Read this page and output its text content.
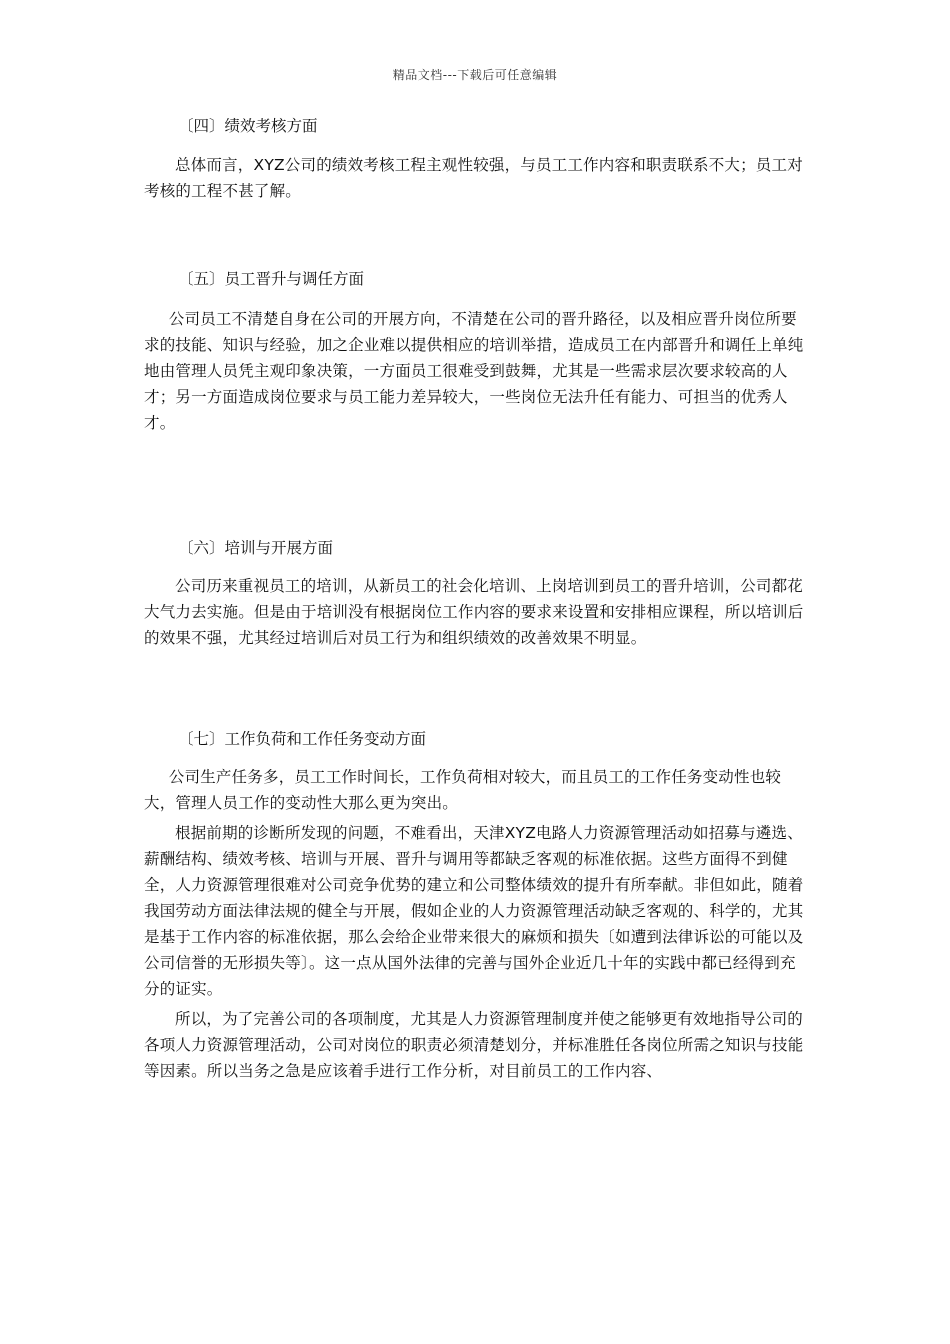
精品文档---下载后可任意编辑
〔四〕绩效考核方面

总体而言，XYZ公司的绩效考核工程主观性较强，与员工工作内容和职责联系不大；员工对考核的工程不甚了解。

〔五〕员工晋升与调任方面

公司员工不清楚自身在公司的开展方向，不清楚在公司的晋升路径，以及相应晋升岗位所要求的技能、知识与经验，加之企业难以提供相应的培训举措，造成员工在内部晋升和调任上单纯地由管理人员凭主观印象决策，一方面员工很难受到鼓舞，尤其是一些需求层次要求较高的人才；另一方面造成岗位要求与员工能力差异较大，一些岗位无法升任有能力、可担当的优秀人才。

〔六〕培训与开展方面

公司历来重视员工的培训，从新员工的社会化培训、上岗培训到员工的晋升培训，公司都花大气力去实施。但是由于培训没有根据岗位工作内容的要求来设置和安排相应课程，所以培训后的效果不强，尤其经过培训后对员工行为和组织绩效的改善效果不明显。

〔七〕工作负荷和工作任务变动方面

公司生产任务多，员工工作时间长，工作负荷相对较大，而且员工的工作任务变动性也较大，管理人员工作的变动性大那么更为突出。

根据前期的诊断所发现的问题，不难看出，天津XYZ电路人力资源管理活动如招募与遴选、薪酬结构、绩效考核、培训与开展、晋升与调用等都缺乏客观的标准依据。这些方面得不到健全，人力资源管理很难对公司竞争优势的建立和公司整体绩效的提升有所奉献。非但如此，随着我国劳动方面法律法规的健全与开展，假如企业的人力资源管理活动缺乏客观的、科学的，尤其是基于工作内容的标准依据，那么会给企业带来很大的麻烦和损失〔如遭到法律诉讼的可能以及公司信誉的无形损失等〕。这一点从国外法律的完善与国外企业近几十年的实践中都已经得到充分的证实。

所以，为了完善公司的各项制度，尤其是人力资源管理制度并使之能够更有效地指导公司的各项人力资源管理活动，公司对岗位的职责必须清楚划分，并标准胜任各岗位所需之知识与技能等因素。所以当务之急是应该着手进行工作分析，对目前员工的工作内容、
